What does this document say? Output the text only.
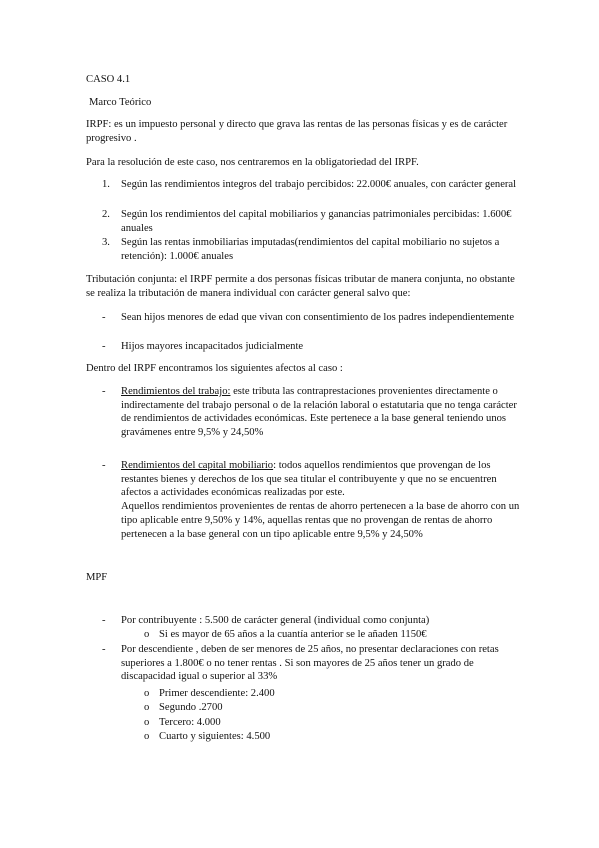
CASO 4.1

Marco Teórico

IRPF: es un impuesto personal y directo que grava las rentas de las personas físicas y es de carácter progresivo .

Para la resolución de este caso, nos centraremos en la obligatoriedad del IRPF.

1. Según las rendimientos integros del trabajo percibidos: 22.000€ anuales, con carácter general
2. Según los rendimientos del capital mobiliarios y ganancias patrimoniales percibidas: 1.600€ anuales
3. Según las rentas inmobiliarias imputadas(rendimientos del capital mobiliario no sujetos a retención): 1.000€ anuales

Tributación conjunta: el IRPF permite a dos personas físicas tributar de manera conjunta, no obstante se realiza la tributación de manera individual con carácter general salvo que:

- Sean hijos menores de edad que vivan con consentimiento de los padres independientemente
- Hijos mayores incapacitados judicialmente

Dentro del IRPF encontramos los siguientes afectos al caso :

- Rendimientos del trabajo: este tributa las contraprestaciones provenientes directamente o indirectamente del trabajo personal o de la relación laboral o estatutaria que no tenga carácter de rendimientos de actividades económicas. Este pertenece a la base general teniendo unos gravámenes entre 9,5% y 24,50%
- Rendimientos del capital mobiliario: todos aquellos rendimientos que provengan de los restantes bienes y derechos de los que sea titular el contribuyente y que no se encuentren afectos a actividades económicas realizadas por este.
Aquellos rendimientos provenientes de rentas de ahorro pertenecen a la base de ahorro con un tipo aplicable entre 9,50% y 14%, aquellas rentas que no provengan de rentas de ahorro pertenecen a la base general con un tipo aplicable entre 9,5% y 24,50%

MPF

- Por contribuyente : 5.500 de carácter general (individual como conjunta)
o Si es mayor de 65 años a la cuantía anterior se le añaden 1150€
- Por descendiente , deben de ser menores de 25 años, no presentar declaraciones con retas superiores a 1.800€ o no tener rentas . Si son mayores de 25 años tener un grado de discapacidad igual o superior al 33%
o Primer descendiente: 2.400
o Segundo .2700
o Tercero: 4.000
o Cuarto y siguientes: 4.500
